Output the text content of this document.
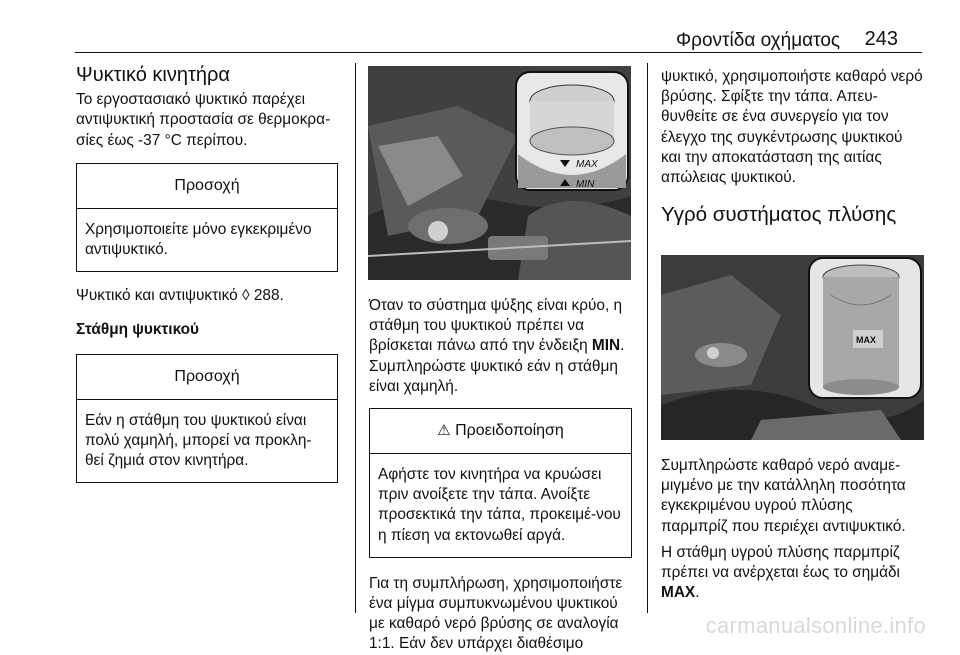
Φροντίδα οχήματος 243
Ψυκτικό κινητήρα

Το εργοστασιακό ψυκτικό παρέχει αντιψυκτική προστασία σε θερμοκρα-σίες έως -37 °C περίπου.

Προσοχή
Χρησιμοποιείτε μόνο εγκεκριμένο αντιψυκτικό.

Ψυκτικό και αντιψυκτικό ◊ 288.

Στάθμη ψυκτικού
Προσοχή
Εάν η στάθμη του ψυκτικού είναι πολύ χαμηλή, μπορεί να προκλη-θεί ζημιά στον κινητήρα.
MAX
MIN

Όταν το σύστημα ψύξης είναι κρύο, η στάθμη του ψυκτικού πρέπει να βρίσκεται πάνω από την ένδειξη MIN. Συμπληρώστε ψυκτικό εάν η στάθμη είναι χαμηλή.

⚠ Προειδοποίηση
Αφήστε τον κινητήρα να κρυώσει πριν ανοίξετε την τάπα. Ανοίξτε προσεκτικά την τάπα, προκειμέ-νου η πίεση να εκτονωθεί αργά.

Για τη συμπλήρωση, χρησιμοποιήστε ένα μίγμα συμπυκνωμένου ψυκτικού με καθαρό νερό βρύσης σε αναλογία 1:1. Εάν δεν υπάρχει διαθέσιμο

ψυκτικό, χρησιμοποιήστε καθαρό νερό βρύσης. Σφίξτε την τάπα. Απευ-θυνθείτε σε ένα συνεργείο για τον έλεγχο της συγκέντρωσης ψυκτικού και την αποκατάσταση της αιτίας απώλειας ψυκτικού.

Υγρό συστήματος πλύσης
MAX

Συμπληρώστε καθαρό νερό αναμε-μιγμένο με την κατάλληλη ποσότητα εγκεκριμένου υγρού πλύσης παρμπρίζ που περιέχει αντιψυκτικό.

Η στάθμη υγρού πλύσης παρμπρίζ πρέπει να ανέρχεται έως το σημάδι MAX.

carmanualsonline.info
